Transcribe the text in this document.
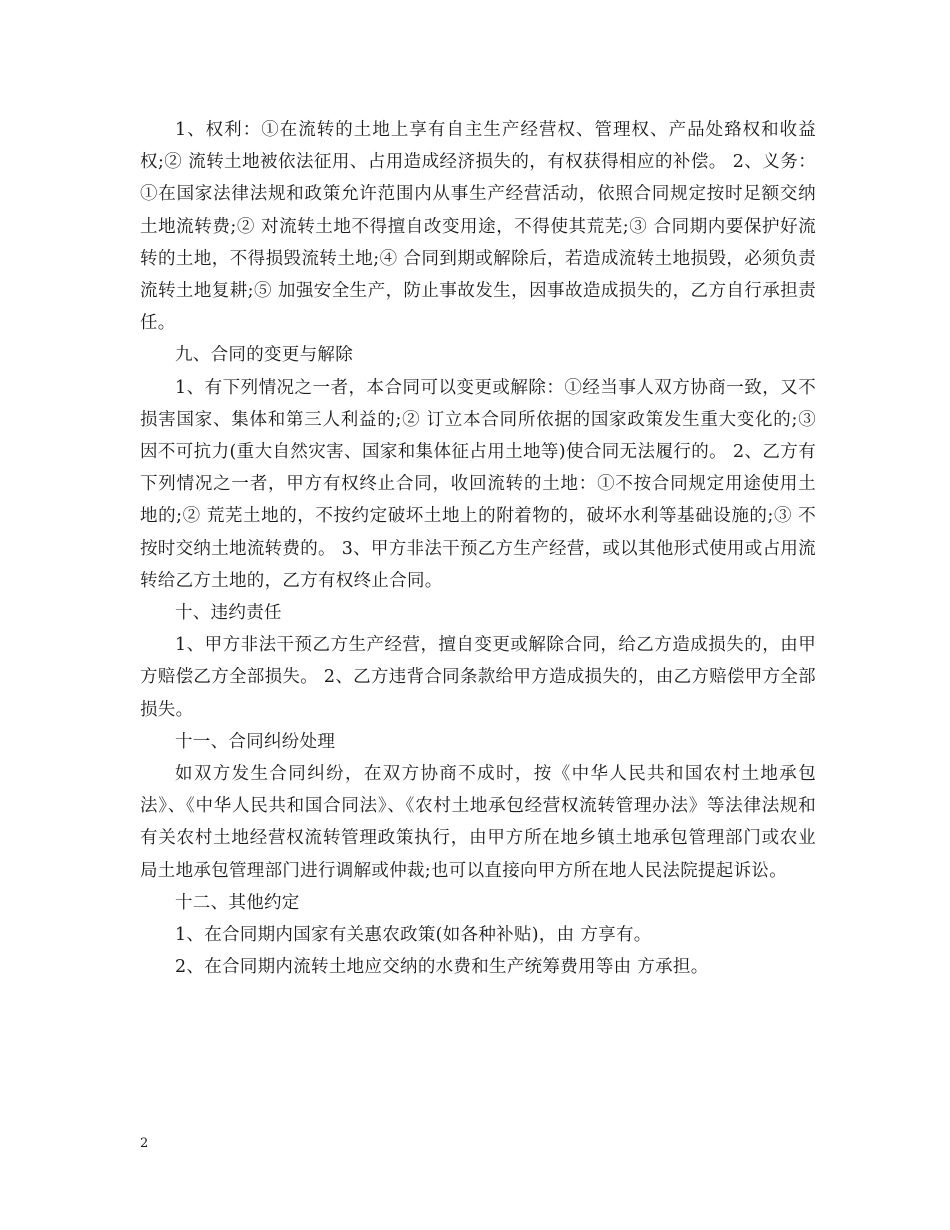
1、权利：①在流转的土地上享有自主生产经营权、管理权、产品处臵权和收益权;② 流转土地被依法征用、占用造成经济损失的，有权获得相应的补偿。 2、义务：①在国家法律法规和政策允许范围内从事生产经营活动，依照合同规定按时足额交纳土地流转费;② 对流转土地不得擅自改变用途，不得使其荒芜;③ 合同期内要保护好流转的土地，不得损毁流转土地;④ 合同到期或解除后，若造成流转土地损毁，必须负责 流转土地复耕;⑤ 加强安全生产，防止事故发生，因事故造成损失的，乙方自行承担责任。

九、合同的变更与解除

1、有下列情况之一者，本合同可以变更或解除：①经当事人双方协商一致，又不损害国家、集体和第三人利益的;② 订立本合同所依据的国家政策发生重大变化的;③ 因不可抗力(重大自然灾害、国家和集体征占用土地等)使合同无法履行的。 2、乙方有下列情况之一者，甲方有权终止合同，收回流转的土地：①不按合同规定用途使用土地的;② 荒芜土地的，不按约定破坏土地上的附着物的，破坏水利等基础设施的;③ 不按时交纳土地流转费的。 3、甲方非法干预乙方生产经营，或以其他形式使用或占用流转给乙方土地的，乙方有权终止合同。

十、违约责任

1、甲方非法干预乙方生产经营，擅自变更或解除合同，给乙方造成损失的，由甲方赔偿乙方全部损失。 2、乙方违背合同条款给甲方造成损失的，由乙方赔偿甲方全部损失。

十一、合同纠纷处理

如双方发生合同纠纷，在双方协商不成时，按《中华人民共和国农村土地承包法》、《中华人民共和国合同法》、《农村土地承包经营权流转管理办法》等法律法规和有关农村土地经营权流转管理政策执行，由甲方所在地乡镇土地承包管理部门或农业局土地承包管理部门进行调解或仲裁;也可以直接向甲方所在地人民法院提起诉讼。

十二、其他约定

1、在合同期内国家有关惠农政策(如各种补贴)，由 方享有。

2、在合同期内流转土地应交纳的水费和生产统筹费用等由 方承担。

2
